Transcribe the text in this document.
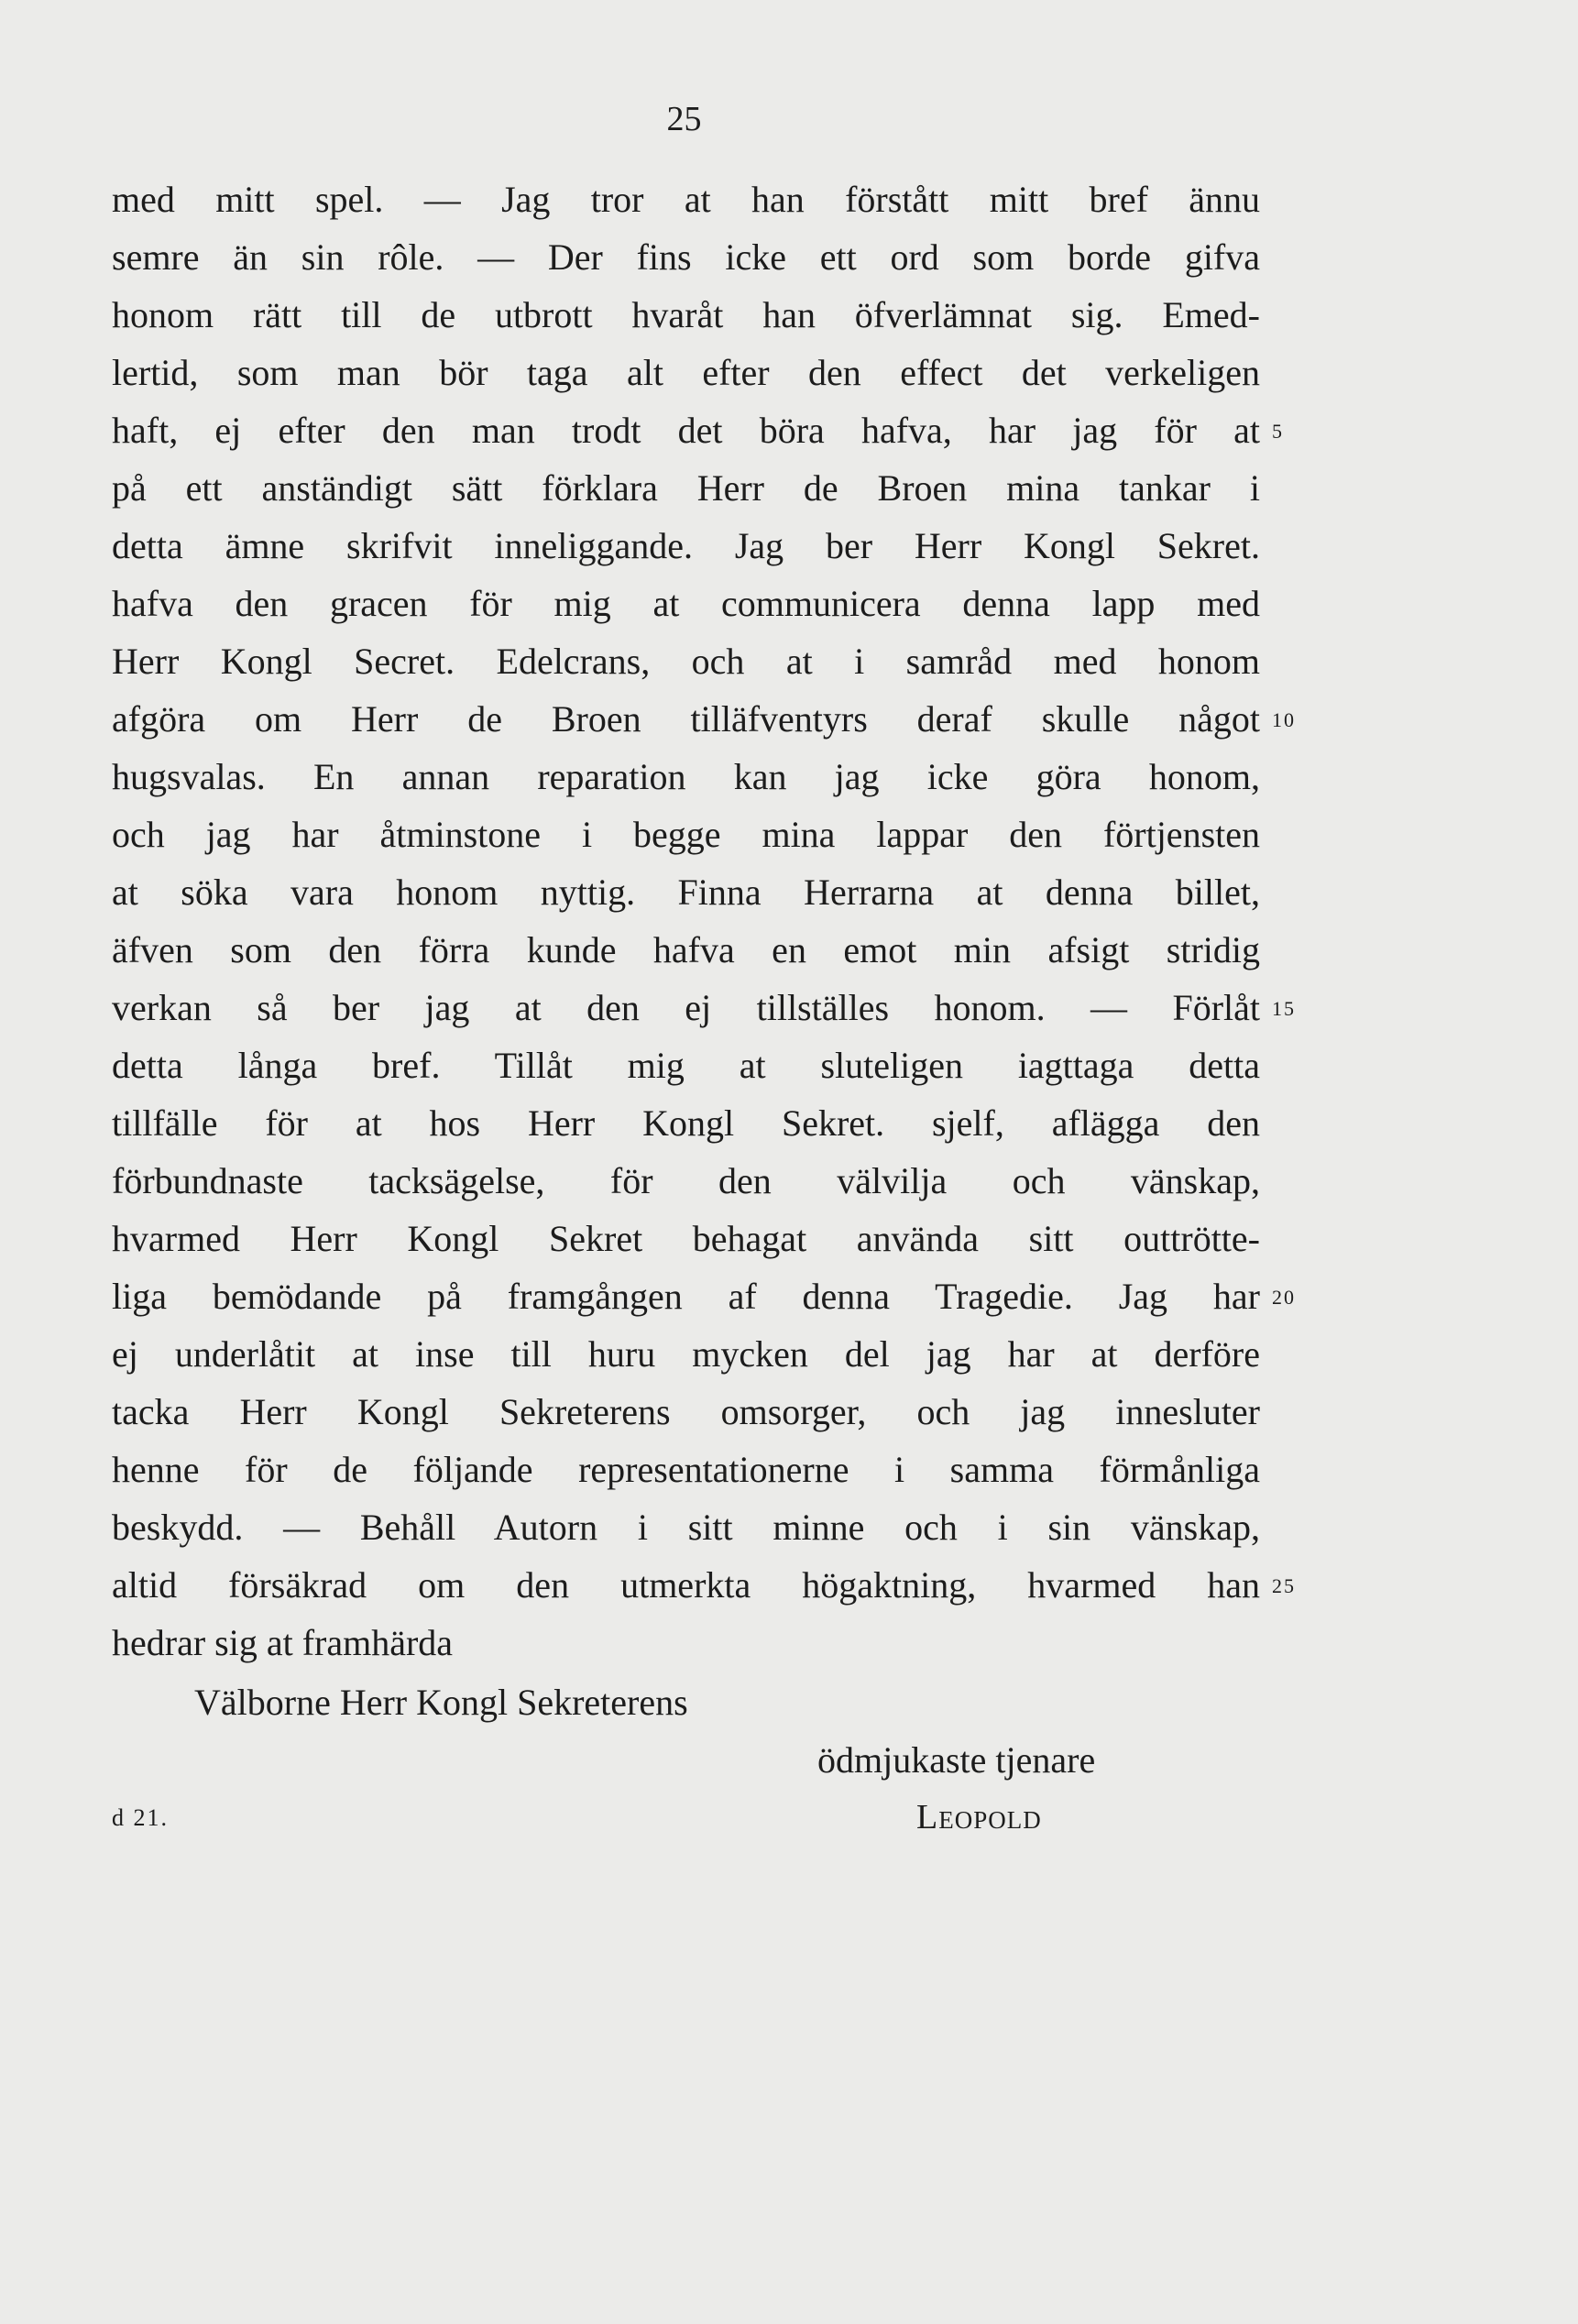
25
med mitt spel. — Jag tror at han förstått mitt bref ännu
semre än sin rôle. — Der fins icke ett ord som borde gifva
honom rätt till de utbrott hvaråt han öfverlämnat sig. Emed-
lertid, som man bör taga alt efter den effect det verkeligen
haft, ej efter den man trodt det böra hafva, har jag för at 5
på ett anständigt sätt förklara Herr de Broen mina tankar i
detta ämne skrifvit inneliggande. Jag ber Herr Kongl Sekret.
hafva den gracen för mig at communicera denna lapp med
Herr Kongl Secret. Edelcrans, och at i samråd med honom
afgöra om Herr de Broen tilläfventyrs deraf skulle något 10
hugsvalas. En annan reparation kan jag icke göra honom,
och jag har åtminstone i begge mina lappar den förtjensten
at söka vara honom nyttig. Finna Herrarna at denna billet,
äfven som den förra kunde hafva en emot min afsigt stridig
verkan så ber jag at den ej tillställes honom. — Förlåt 15
detta långa bref. Tillåt mig at sluteligen iagttaga detta
tillfälle för at hos Herr Kongl Sekret. sjelf, aflägga den
förbundnaste tacksägelse, för den välvilja och vänskap,
hvarmed Herr Kongl Sekret behagat använda sitt outtrötte-
liga bemödande på framgången af denna Tragedie. Jag har 20
ej underlåtit at inse till huru mycken del jag har at derföre
tacka Herr Kongl Sekreterens omsorger, och jag innesluter
henne för de följande representationerne i samma förmånliga
beskydd. — Behåll Autorn i sitt minne och i sin vänskap,
altid försäkrad om den utmerkta högaktning, hvarmed han 25
hedrar sig at framhärda
Välborne Herr Kongl Sekreterens
ödmjukaste tjenare
d 21.	Leopold
